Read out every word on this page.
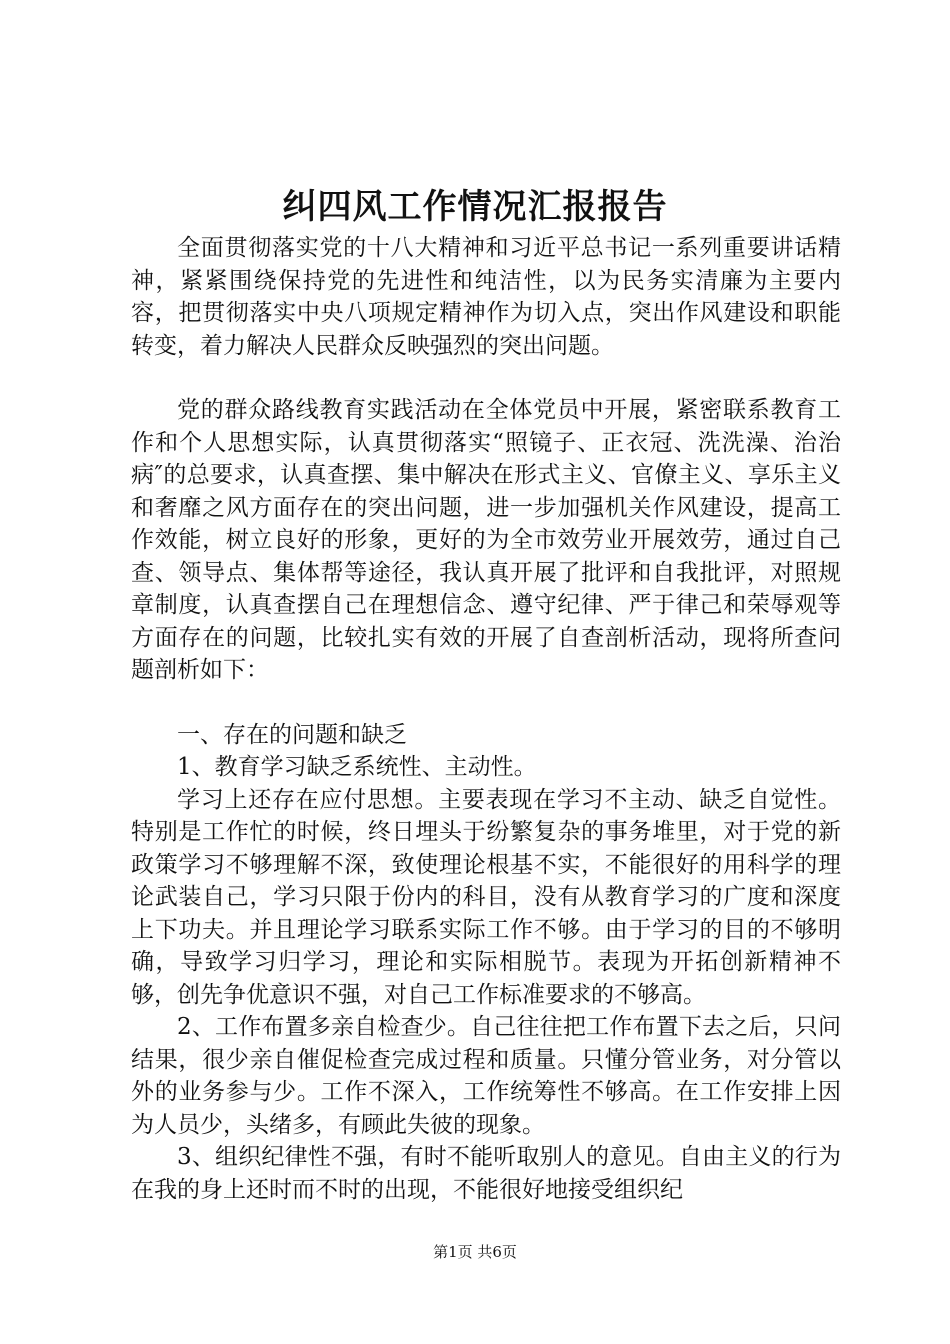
纠四风工作情况汇报报告

全面贯彻落实党的十八大精神和习近平总书记一系列重要讲话精神，紧紧围绕保持党的先进性和纯洁性，以为民务实清廉为主要内容，把贯彻落实中央八项规定精神作为切入点，突出作风建设和职能转变，着力解决人民群众反映强烈的突出问题。

党的群众路线教育实践活动在全体党员中开展，紧密联系教育工作和个人思想实际，认真贯彻落实“照镜子、正衣冠、洗洗澡、治治病″的总要求，认真查摆、集中解决在形式主义、官僚主义、享乐主义和奢靡之风方面存在的突出问题，进一步加强机关作风建设，提高工作效能，树立良好的形象，更好的为全市效劳业开展效劳，通过自己查、领导点、集体帮等途径，我认真开展了批评和自我批评，对照规章制度，认真查摆自己在理想信念、遵守纪律、严于律己和荣辱观等方面存在的问题，比较扎实有效的开展了自查剖析活动，现将所查问题剖析如下：

一、存在的问题和缺乏

1、教育学习缺乏系统性、主动性。

学习上还存在应付思想。主要表现在学习不主动、缺乏自觉性。特别是工作忙的时候，终日埋头于纷繁复杂的事务堆里，对于党的新政策学习不够理解不深，致使理论根基不实，不能很好的用科学的理论武装自己，学习只限于份内的科目，没有从教育学习的广度和深度上下功夫。并且理论学习联系实际工作不够。由于学习的目的不够明确，导致学习归学习，理论和实际相脱节。表现为开拓创新精神不够，创先争优意识不强，对自己工作标准要求的不够高。

2、工作布置多亲自检查少。自己往往把工作布置下去之后，只问结果，很少亲自催促检查完成过程和质量。只懂分管业务，对分管以外的业务参与少。工作不深入，工作统筹性不够高。在工作安排上因为人员少，头绪多，有顾此失彼的现象。

3、组织纪律性不强，有时不能听取别人的意见。自由主义的行为在我的身上还时而不时的出现，不能很好地接受组织纪

第1页 共6页
